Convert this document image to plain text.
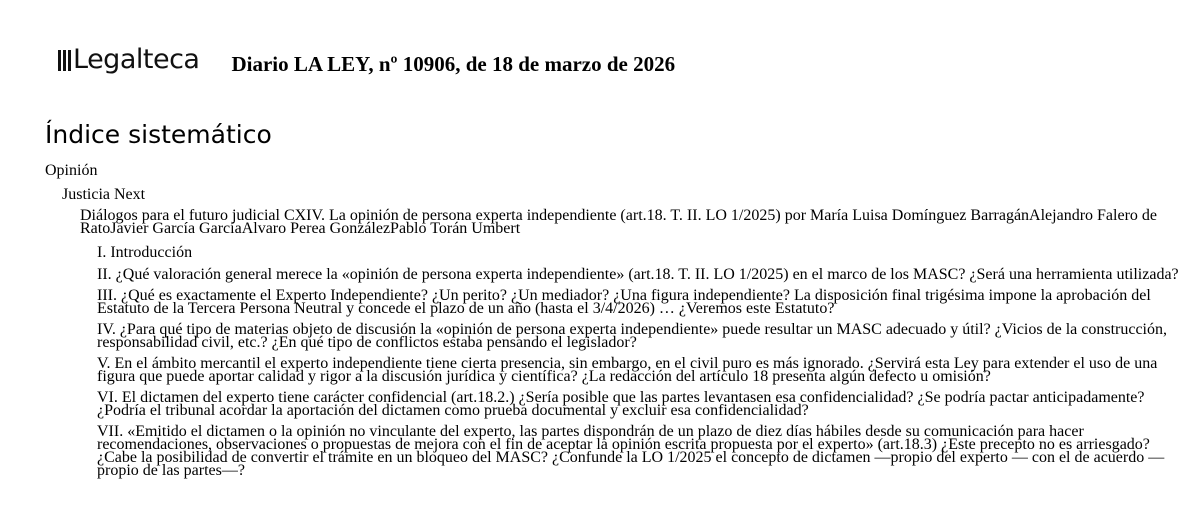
Legalteca Diario LA LEY, nº 10906, de 18 de marzo de 2026
Índice sistemático
Opinión
Justicia Next
Diálogos para el futuro judicial CXIV. La opinión de persona experta independiente (art.18. T. II. LO 1/2025) por María Luisa Domínguez BarragánAlejandro Falero de RatoJavier García GarcíaAlvaro Perea GonzálezPablo Torán Umbert
I. Introducción
II. ¿Qué valoración general merece la «opinión de persona experta independiente» (art.18. T. II. LO 1/2025) en el marco de los MASC? ¿Será una herramienta utilizada?
III. ¿Qué es exactamente el Experto Independiente? ¿Un perito? ¿Un mediador? ¿Una figura independiente? La disposición final trigésima impone la aprobación del Estatuto de la Tercera Persona Neutral y concede el plazo de un año (hasta el 3/4/2026) … ¿Veremos este Estatuto?
IV. ¿Para qué tipo de materias objeto de discusión la «opinión de persona experta independiente» puede resultar un MASC adecuado y útil? ¿Vicios de la construcción, responsabilidad civil, etc.? ¿En qué tipo de conflictos estaba pensando el legislador?
V. En el ámbito mercantil el experto independiente tiene cierta presencia, sin embargo, en el civil puro es más ignorado. ¿Servirá esta Ley para extender el uso de una figura que puede aportar calidad y rigor a la discusión jurídica y científica? ¿La redacción del artículo 18 presenta algún defecto u omisión?
VI. El dictamen del experto tiene carácter confidencial (art.18.2.) ¿Sería posible que las partes levantasen esa confidencialidad? ¿Se podría pactar anticipadamente? ¿Podría el tribunal acordar la aportación del dictamen como prueba documental y excluir esa confidencialidad?
VII. «Emitido el dictamen o la opinión no vinculante del experto, las partes dispondrán de un plazo de diez días hábiles desde su comunicación para hacer recomendaciones, observaciones o propuestas de mejora con el fin de aceptar la opinión escrita propuesta por el experto» (art.18.3) ¿Este precepto no es arriesgado? ¿Cabe la posibilidad de convertir el trámite en un bloqueo del MASC? ¿Confunde la LO 1/2025 el concepto de dictamen —propio del experto — con el de acuerdo —propio de las partes—?
